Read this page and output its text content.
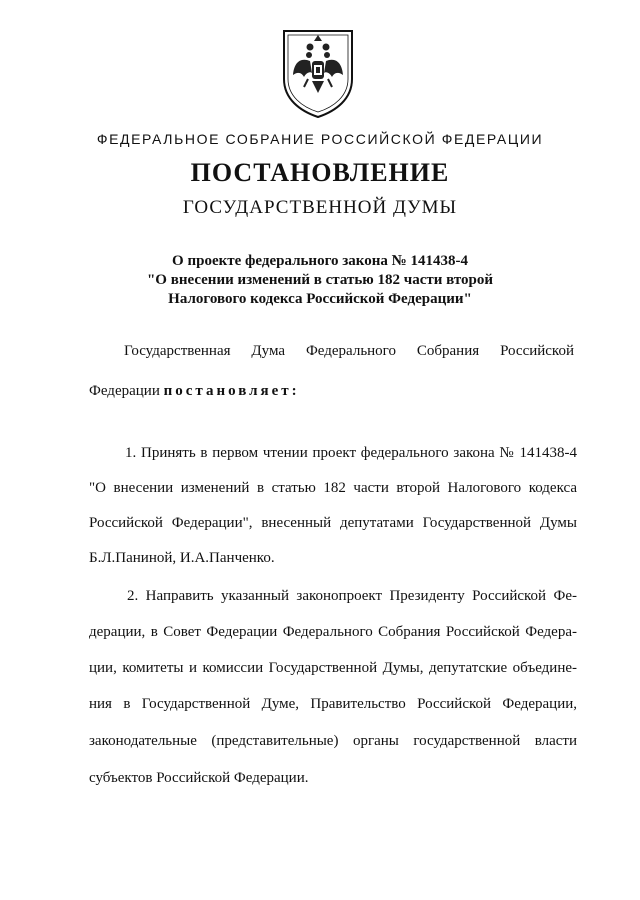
ФЕДЕРАЛЬНОЕ СОБРАНИЕ РОССИЙСКОЙ ФЕДЕРАЦИИ
ПОСТАНОВЛЕНИЕ
ГОСУДАРСТВЕННОЙ ДУМЫ
О проекте федерального закона № 141438-4
"О внесении изменений в статью 182 части второй
Налогового кодекса Российской Федерации"
Государственная Дума Федерального Собрания Российской
Федерации постановляет:
1. Принять в первом чтении проект федерального закона № 141438-4
"О внесении изменений в статью 182 части второй Налогового кодекса
Российской Федерации", внесенный депутатами Государственной Думы
Б.Л.Паниной, И.А.Панченко.
2. Направить указанный законопроект Президенту Российской Фе-
дерации, в Совет Федерации Федерального Собрания Российской Федера-
ции, комитеты и комиссии Государственной Думы, депутатские объедине-
ния в Государственной Думе, Правительство Российской Федерации,
законодательные (представительные) органы государственной власти
субъектов Российской Федерации.
